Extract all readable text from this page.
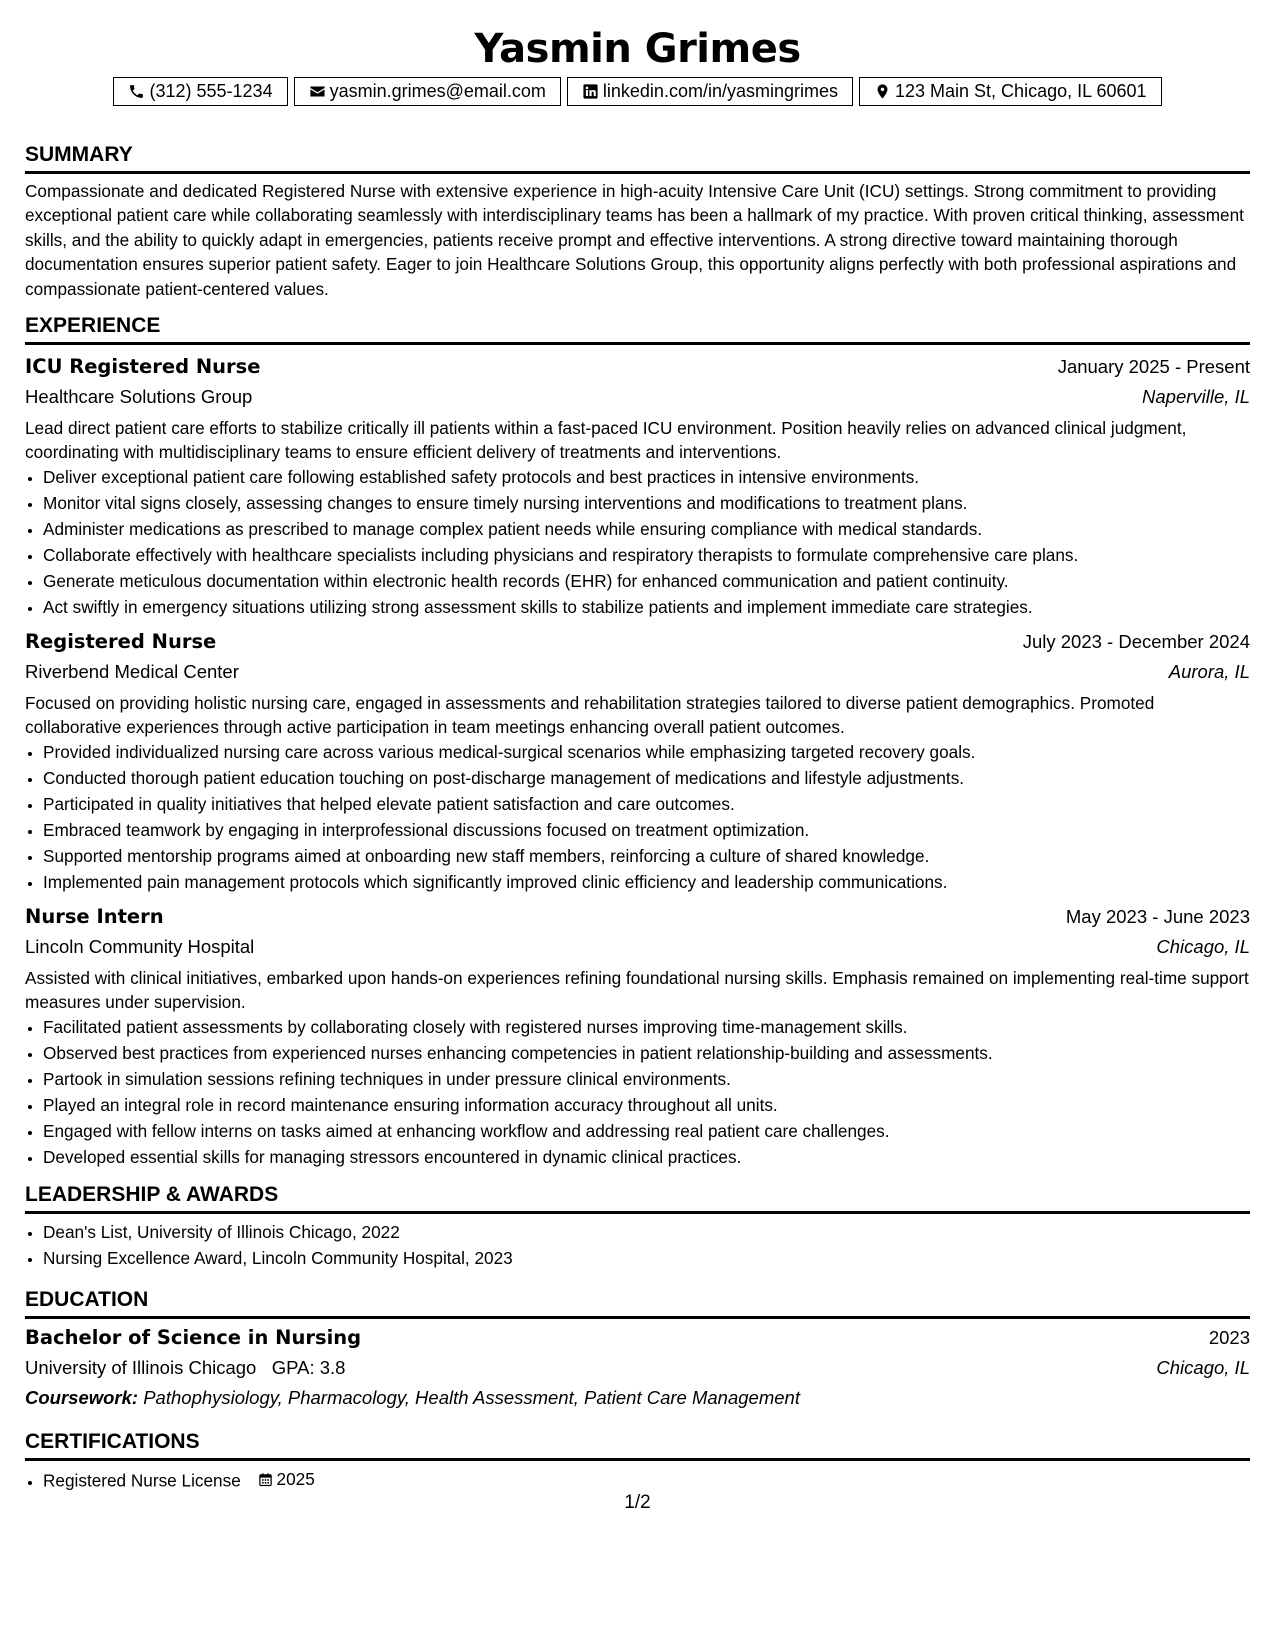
Yasmin Grimes
(312) 555-1234	yasmin.grimes@email.com	linkedin.com/in/yasmingrimes	123 Main St, Chicago, IL 60601
SUMMARY
Compassionate and dedicated Registered Nurse with extensive experience in high-acuity Intensive Care Unit (ICU) settings. Strong commitment to providing exceptional patient care while collaborating seamlessly with interdisciplinary teams has been a hallmark of my practice. With proven critical thinking, assessment skills, and the ability to quickly adapt in emergencies, patients receive prompt and effective interventions. A strong directive toward maintaining thorough documentation ensures superior patient safety. Eager to join Healthcare Solutions Group, this opportunity aligns perfectly with both professional aspirations and compassionate patient-centered values.
EXPERIENCE
ICU Registered Nurse	January 2025 - Present
Healthcare Solutions Group	Naperville, IL
Lead direct patient care efforts to stabilize critically ill patients within a fast-paced ICU environment. Position heavily relies on advanced clinical judgment, coordinating with multidisciplinary teams to ensure efficient delivery of treatments and interventions.
• Deliver exceptional patient care following established safety protocols and best practices in intensive environments.
• Monitor vital signs closely, assessing changes to ensure timely nursing interventions and modifications to treatment plans.
• Administer medications as prescribed to manage complex patient needs while ensuring compliance with medical standards.
• Collaborate effectively with healthcare specialists including physicians and respiratory therapists to formulate comprehensive care plans.
• Generate meticulous documentation within electronic health records (EHR) for enhanced communication and patient continuity.
• Act swiftly in emergency situations utilizing strong assessment skills to stabilize patients and implement immediate care strategies.
Registered Nurse	July 2023 - December 2024
Riverbend Medical Center	Aurora, IL
Focused on providing holistic nursing care, engaged in assessments and rehabilitation strategies tailored to diverse patient demographics. Promoted collaborative experiences through active participation in team meetings enhancing overall patient outcomes.
• Provided individualized nursing care across various medical-surgical scenarios while emphasizing targeted recovery goals.
• Conducted thorough patient education touching on post-discharge management of medications and lifestyle adjustments.
• Participated in quality initiatives that helped elevate patient satisfaction and care outcomes.
• Embraced teamwork by engaging in interprofessional discussions focused on treatment optimization.
• Supported mentorship programs aimed at onboarding new staff members, reinforcing a culture of shared knowledge.
• Implemented pain management protocols which significantly improved clinic efficiency and leadership communications.
Nurse Intern	May 2023 - June 2023
Lincoln Community Hospital	Chicago, IL
Assisted with clinical initiatives, embarked upon hands-on experiences refining foundational nursing skills. Emphasis remained on implementing real-time support measures under supervision.
• Facilitated patient assessments by collaborating closely with registered nurses improving time-management skills.
• Observed best practices from experienced nurses enhancing competencies in patient relationship-building and assessments.
• Partook in simulation sessions refining techniques in under pressure clinical environments.
• Played an integral role in record maintenance ensuring information accuracy throughout all units.
• Engaged with fellow interns on tasks aimed at enhancing workflow and addressing real patient care challenges.
• Developed essential skills for managing stressors encountered in dynamic clinical practices.
LEADERSHIP & AWARDS
• Dean's List, University of Illinois Chicago, 2022
• Nursing Excellence Award, Lincoln Community Hospital, 2023
EDUCATION
Bachelor of Science in Nursing	2023
University of Illinois Chicago GPA: 3.8	Chicago, IL
Coursework: Pathophysiology, Pharmacology, Health Assessment, Patient Care Management
CERTIFICATIONS
• Registered Nurse License 2025
1/2
